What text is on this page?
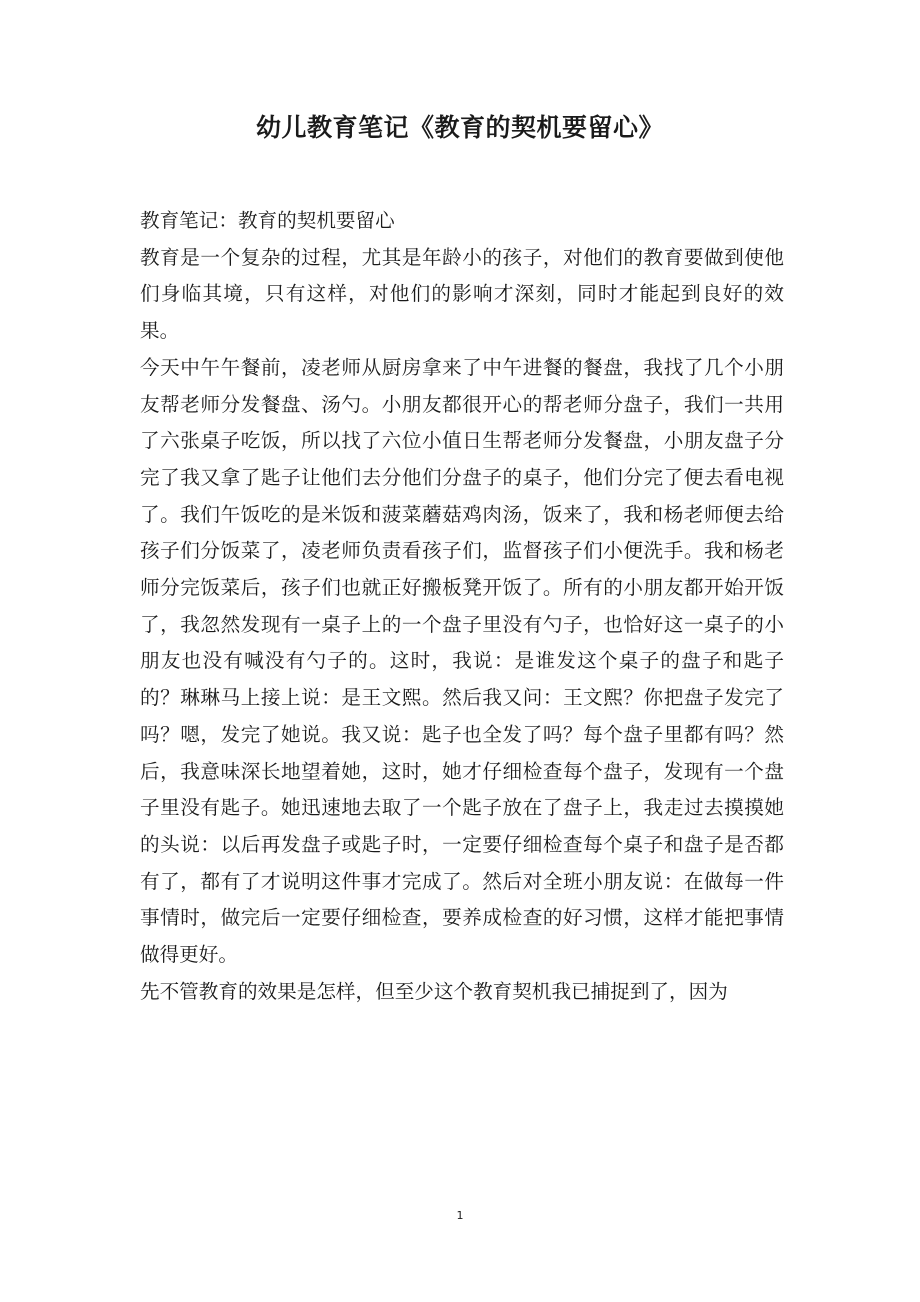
幼儿教育笔记《教育的契机要留心》

教育笔记：教育的契机要留心

教育是一个复杂的过程，尤其是年龄小的孩子，对他们的教育要做到使他们身临其境，只有这样，对他们的影响才深刻，同时才能起到良好的效果。

今天中午午餐前，凌老师从厨房拿来了中午进餐的餐盘，我找了几个小朋友帮老师分发餐盘、汤勺。小朋友都很开心的帮老师分盘子，我们一共用了六张桌子吃饭，所以找了六位小值日生帮老师分发餐盘，小朋友盘子分完了我又拿了匙子让他们去分他们分盘子的桌子，他们分完了便去看电视了。我们午饭吃的是米饭和菠菜蘑菇鸡肉汤，饭来了，我和杨老师便去给孩子们分饭菜了，凌老师负责看孩子们，监督孩子们小便洗手。我和杨老师分完饭菜后，孩子们也就正好搬板凳开饭了。所有的小朋友都开始开饭了，我忽然发现有一桌子上的一个盘子里没有勺子，也恰好这一桌子的小朋友也没有喊没有勺子的。这时，我说：是谁发这个桌子的盘子和匙子的？琳琳马上接上说：是王文熙。然后我又问：王文熙？你把盘子发完了吗？嗯，发完了她说。我又说：匙子也全发了吗？每个盘子里都有吗？然后，我意味深长地望着她，这时，她才仔细检查每个盘子，发现有一个盘子里没有匙子。她迅速地去取了一个匙子放在了盘子上，我走过去摸摸她的头说：以后再发盘子或匙子时，一定要仔细检查每个桌子和盘子是否都有了，都有了才说明这件事才完成了。然后对全班小朋友说：在做每一件事情时，做完后一定要仔细检查，要养成检查的好习惯，这样才能把事情做得更好。

先不管教育的效果是怎样，但至少这个教育契机我已捕捉到了，因为

1
